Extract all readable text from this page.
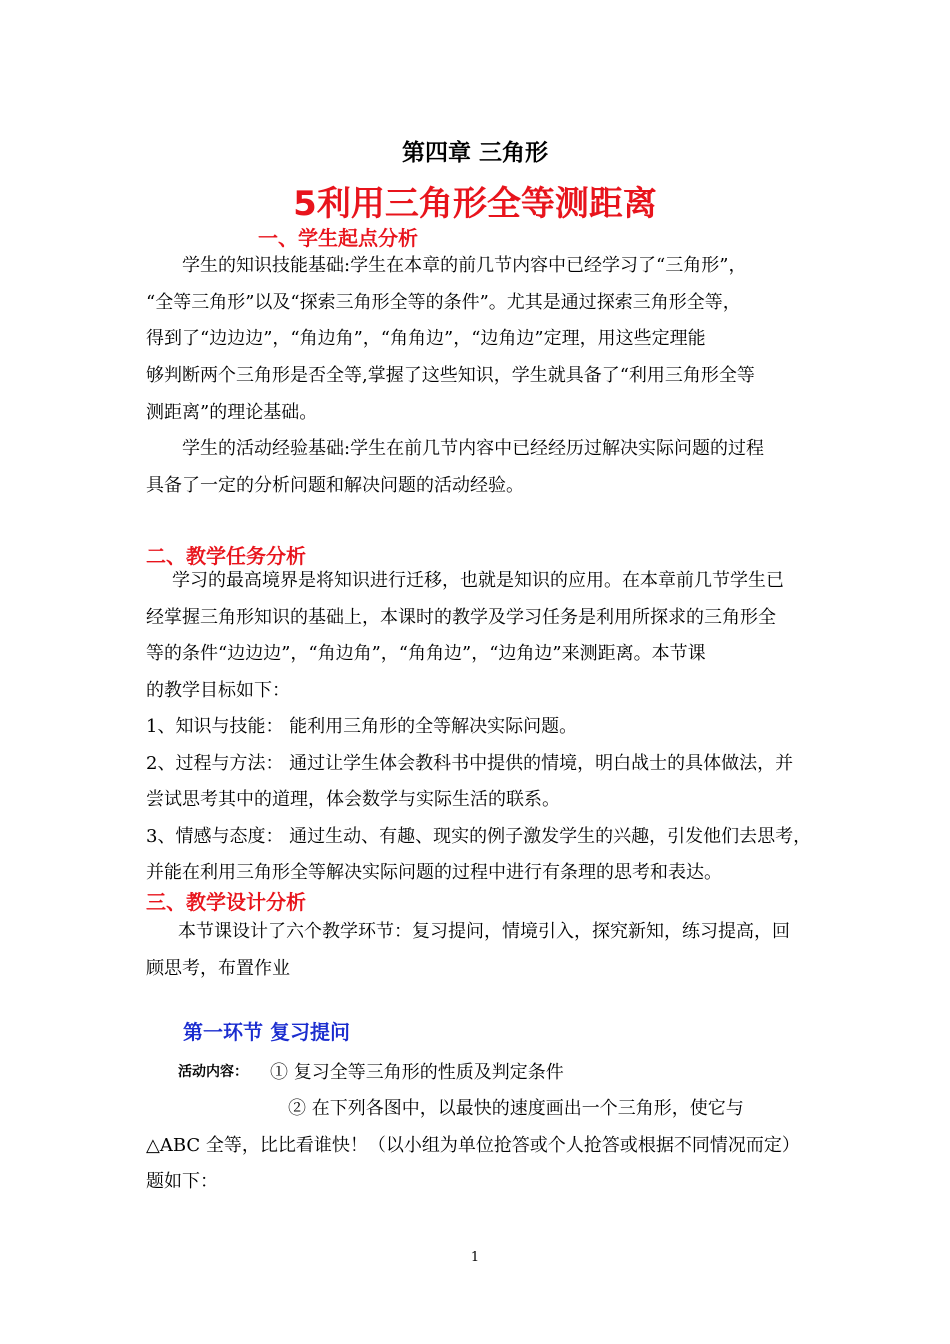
第四章 三角形
5利用三角形全等测距离
一、学生起点分析
学生的知识技能基础:学生在本章的前几节内容中已经学习了“三角形”，
“全等三角形”以及“探索三角形全等的条件”。尤其是通过探索三角形全等，
得到了“边边边”，“角边角”，“角角边”，“边角边”定理，用这些定理能
够判断两个三角形是否全等,掌握了这些知识，学生就具备了“利用三角形全等
测距离”的理论基础。
学生的活动经验基础:学生在前几节内容中已经经历过解决实际问题的过程
具备了一定的分析问题和解决问题的活动经验。
二、教学任务分析
学习的最高境界是将知识进行迁移，也就是知识的应用。在本章前几节学生已
经掌握三角形知识的基础上，本课时的教学及学习任务是利用所探求的三角形全
等的条件“边边边”，“角边角”，“角角边”，“边角边”来测距离。本节课
的教学目标如下：
1、知识与技能： 能利用三角形的全等解决实际问题。
2、过程与方法： 通过让学生体会教科书中提供的情境，明白战士的具体做法，并
尝试思考其中的道理，体会数学与实际生活的联系。
3、情感与态度： 通过生动、有趣、现实的例子激发学生的兴趣，引发他们去思考，
并能在利用三角形全等解决实际问题的过程中进行有条理的思考和表达。
三、教学设计分析
本节课设计了六个教学环节：复习提问，情境引入，探究新知，练习提高，回
顾思考，布置作业
第一环节 复习提问
活动内容： ① 复习全等三角形的性质及判定条件
② 在下列各图中，以最快的速度画出一个三角形，使它与
△ABC 全等，比比看谁快！（以小组为单位抢答或个人抢答或根据不同情况而定）
题如下：
1
